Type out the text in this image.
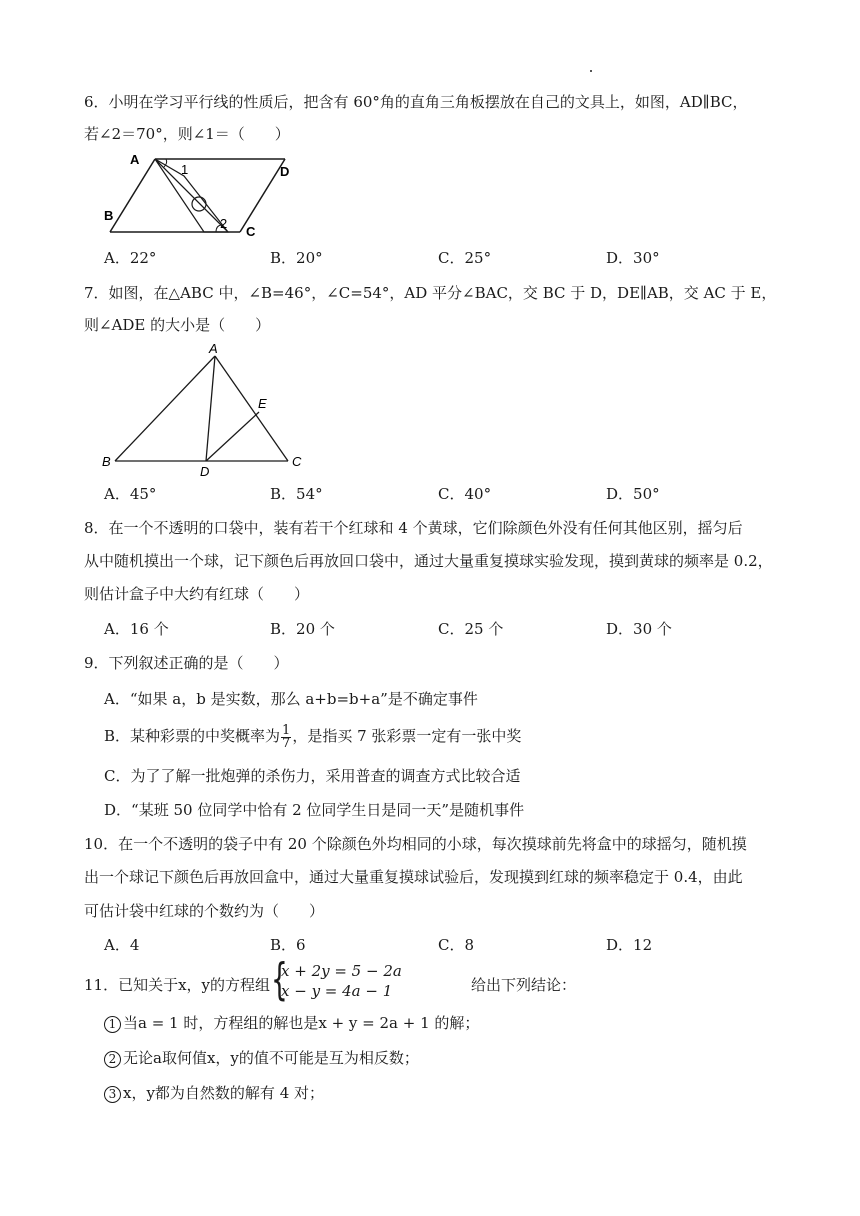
6．小明在学习平行线的性质后，把含有 60°角的直角三角板摆放在自己的文具上，如图，AD∥BC，
若∠2＝70°，则∠1＝（　　）
A
B
C
D
1
2
A．22°	B．20°	C．25°	D．30°
7．如图，在△ABC 中，∠B=46°，∠C=54°，AD 平分∠BAC，交 BC 于 D，DE∥AB，交 AC 于 E，
则∠ADE 的大小是（　　）
A
B	C
D
E
A．45°	B．54°	C．40°	D．50°
8．在一个不透明的口袋中，装有若干个红球和 4 个黄球，它们除颜色外没有任何其他区别，摇匀后
从中随机摸出一个球，记下颜色后再放回口袋中，通过大量重复摸球实验发现，摸到黄球的频率是 0.2，
则估计盒子中大约有红球（　　）
A．16 个	B．20 个	C．25 个	D．30 个
9．下列叙述正确的是（　　）
A．“如果 a，b 是实数，那么 a+b=b+a”是不确定事件
B．某种彩票的中奖概率为 $\frac{1}{7}$ ，是指买 7 张彩票一定有一张中奖
C．为了了解一批炮弹的杀伤力，采用普查的调查方式比较合适
D．“某班 50 位同学中恰有 2 位同学生日是同一天”是随机事件
10．在一个不透明的袋子中有 20 个除颜色外均相同的小球，每次摸球前先将盒中的球摇匀，随机摸
出一个球记下颜色后再放回盒中，通过大量重复摸球试验后，发现摸到红球的频率稳定于 0.4，由此
可估计袋中红球的个数约为（　　）
A．4	B．6	C．8	D．12
11．已知关于x，y的方程组 {
x + 2y = 5 − 2a
x − y = 4a − 1	给出下列结论：
1 当a = 1 时，方程组的解也是x + y = 2a + 1 的解；
2 无论a取何值x，y的值不可能是互为相反数；
3 x，y都为自然数的解有 4 对；
